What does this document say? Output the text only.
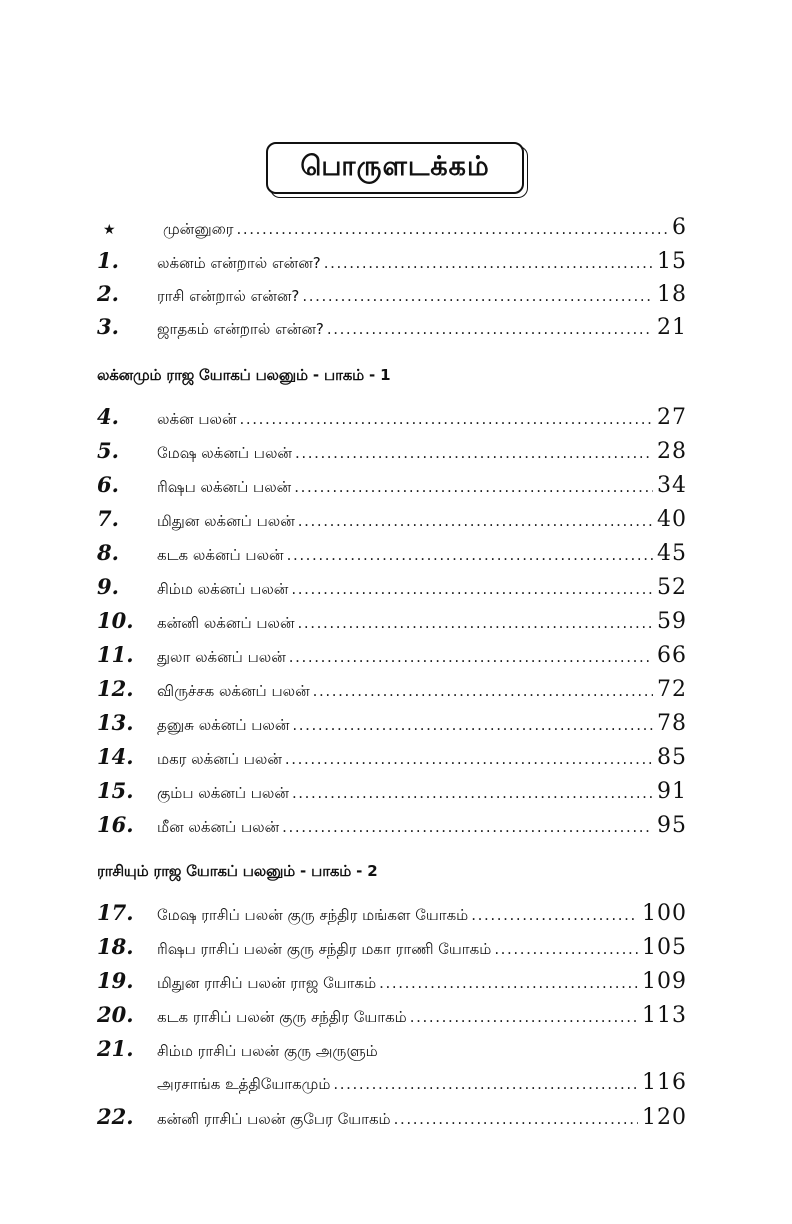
பொருளடக்கம்
★	முன்னுரை .....	6
1.	லக்னம் என்றால் என்ன? .....	15
2.	ராசி என்றால் என்ன? .....	18
3.	ஜாதகம் என்றால் என்ன? .....	21
லக்னமும் ராஜ யோகப் பலனும் - பாகம் - 1
4.	லக்ன பலன் .....	27
5.	மேஷ லக்னப் பலன் .....	28
6.	ரிஷப லக்னப் பலன் .....	34
7.	மிதுன லக்னப் பலன் .....	40
8.	கடக லக்னப் பலன் .....	45
9.	சிம்ம லக்னப் பலன் .....	52
10.	கன்னி லக்னப் பலன் .....	59
11.	துலா லக்னப் பலன் .....	66
12.	விருச்சக லக்னப் பலன் .....	72
13.	தனுசு லக்னப் பலன் .....	78
14.	மகர லக்னப் பலன் .....	85
15.	கும்ப லக்னப் பலன் .....	91
16.	மீன லக்னப் பலன் .....	95
ராசியும் ராஜ யோகப் பலனும் - பாகம் - 2
17.	மேஷ ராசிப் பலன் குரு சந்திர மங்கள யோகம் .....	100
18.	ரிஷப ராசிப் பலன் குரு சந்திர மகா ராணி யோகம் .....	105
19.	மிதுன ராசிப் பலன் ராஜ யோகம் .....	109
20.	கடக ராசிப் பலன் குரு சந்திர யோகம் .....	113
21.	சிம்ம ராசிப் பலன் குரு அருளும்
அரசாங்க உத்தியோகமும் .....	116
22.	கன்னி ராசிப் பலன் குபேர யோகம் .....	120
